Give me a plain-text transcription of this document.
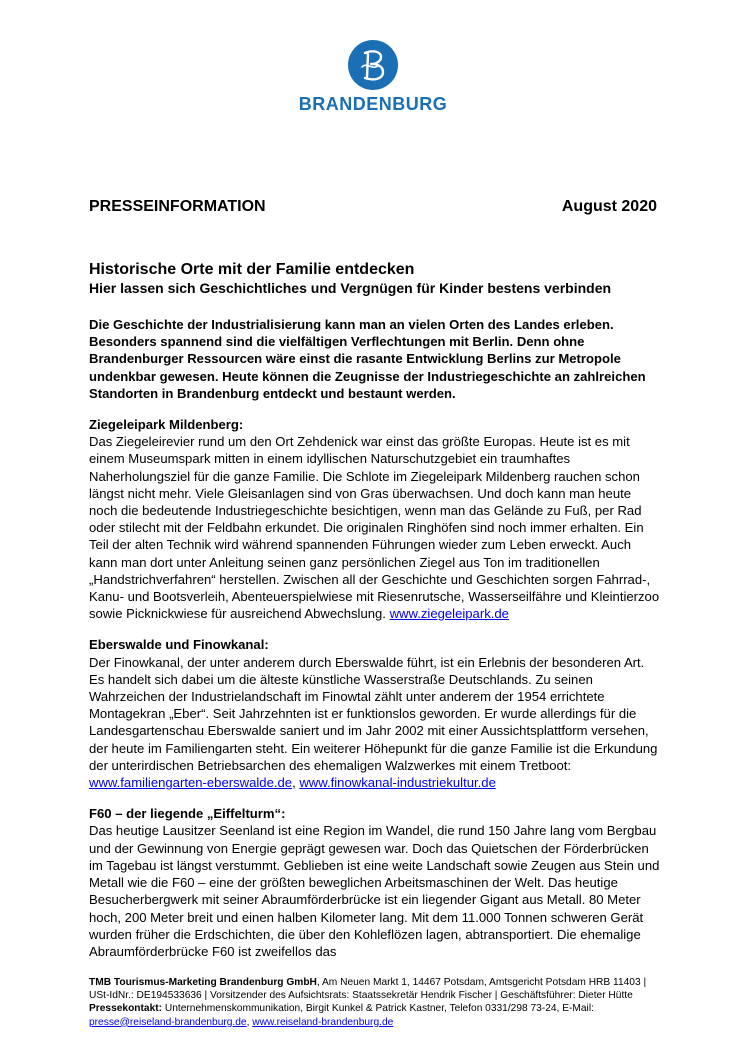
BRANDENBURG
PRESSEINFORMATION	August 2020
Historische Orte mit der Familie entdecken
Hier lassen sich Geschichtliches und Vergnügen für Kinder bestens verbinden

Die Geschichte der Industrialisierung kann man an vielen Orten des Landes erleben. Besonders spannend sind die vielfältigen Verflechtungen mit Berlin. Denn ohne Brandenburger Ressourcen wäre einst die rasante Entwicklung Berlins zur Metropole undenkbar gewesen. Heute können die Zeugnisse der Industriegeschichte an zahlreichen Standorten in Brandenburg entdeckt und bestaunt werden.

Ziegeleipark Mildenberg:

Das Ziegeleirevier rund um den Ort Zehdenick war einst das größte Europas. Heute ist es mit einem Museumspark mitten in einem idyllischen Naturschutzgebiet ein traumhaftes Naherholungsziel für die ganze Familie. Die Schlote im Ziegeleipark Mildenberg rauchen schon längst nicht mehr. Viele Gleisanlagen sind von Gras überwachsen. Und doch kann man heute noch die bedeutende Industriegeschichte besichtigen, wenn man das Gelände zu Fuß, per Rad oder stilecht mit der Feldbahn erkundet. Die originalen Ringhöfen sind noch immer erhalten. Ein Teil der alten Technik wird während spannenden Führungen wieder zum Leben erweckt. Auch kann man dort unter Anleitung seinen ganz persönlichen Ziegel aus Ton im traditionellen „Handstrichverfahren“ herstellen. Zwischen all der Geschichte und Geschichten sorgen Fahrrad-, Kanu- und Bootsverleih, Abenteuerspielwiese mit Riesenrutsche, Wasserseilfähre und Kleintierzoo sowie Picknickwiese für ausreichend Abwechslung. www.ziegeleipark.de

Eberswalde und Finowkanal:

Der Finowkanal, der unter anderem durch Eberswalde führt, ist ein Erlebnis der besonderen Art. Es handelt sich dabei um die älteste künstliche Wasserstraße Deutschlands. Zu seinen Wahrzeichen der Industrielandschaft im Finowtal zählt unter anderem der 1954 errichtete Montagekran „Eber“. Seit Jahrzehnten ist er funktionslos geworden. Er wurde allerdings für die Landesgartenschau Eberswalde saniert und im Jahr 2002 mit einer Aussichtsplattform versehen, der heute im Familiengarten steht. Ein weiterer Höhepunkt für die ganze Familie ist die Erkundung der unterirdischen Betriebsarchen des ehemaligen Walzwerkes mit einem Tretboot: www.familiengarten-eberswalde.de, www.finowkanal-industriekultur.de

F60 – der liegende „Eiffelturm“:

Das heutige Lausitzer Seenland ist eine Region im Wandel, die rund 150 Jahre lang vom Bergbau und der Gewinnung von Energie geprägt gewesen war. Doch das Quietschen der Förderbrücken im Tagebau ist längst verstummt. Geblieben ist eine weite Landschaft sowie Zeugen aus Stein und Metall wie die F60 – eine der größten beweglichen Arbeitsmaschinen der Welt. Das heutige Besucherbergwerk mit seiner Abraumförderbrücke ist ein liegender Gigant aus Metall. 80 Meter hoch, 200 Meter breit und einen halben Kilometer lang. Mit dem 11.000 Tonnen schweren Gerät wurden früher die Erdschichten, die über den Kohleflözen lagen, abtransportiert. Die ehemalige Abraumförderbrücke F60 ist zweifellos das

TMB Tourismus-Marketing Brandenburg GmbH, Am Neuen Markt 1, 14467 Potsdam, Amtsgericht Potsdam HRB 11403 | USt-IdNr.: DE194533636 | Vorsitzender des Aufsichtsrats: Staatssekretär Hendrik Fischer | Geschäftsführer: Dieter Hütte Pressekontakt: Unternehmenskommunikation, Birgit Kunkel & Patrick Kastner, Telefon 0331/298 73-24, E-Mail: presse@reiseland-brandenburg.de, www.reiseland-brandenburg.de
